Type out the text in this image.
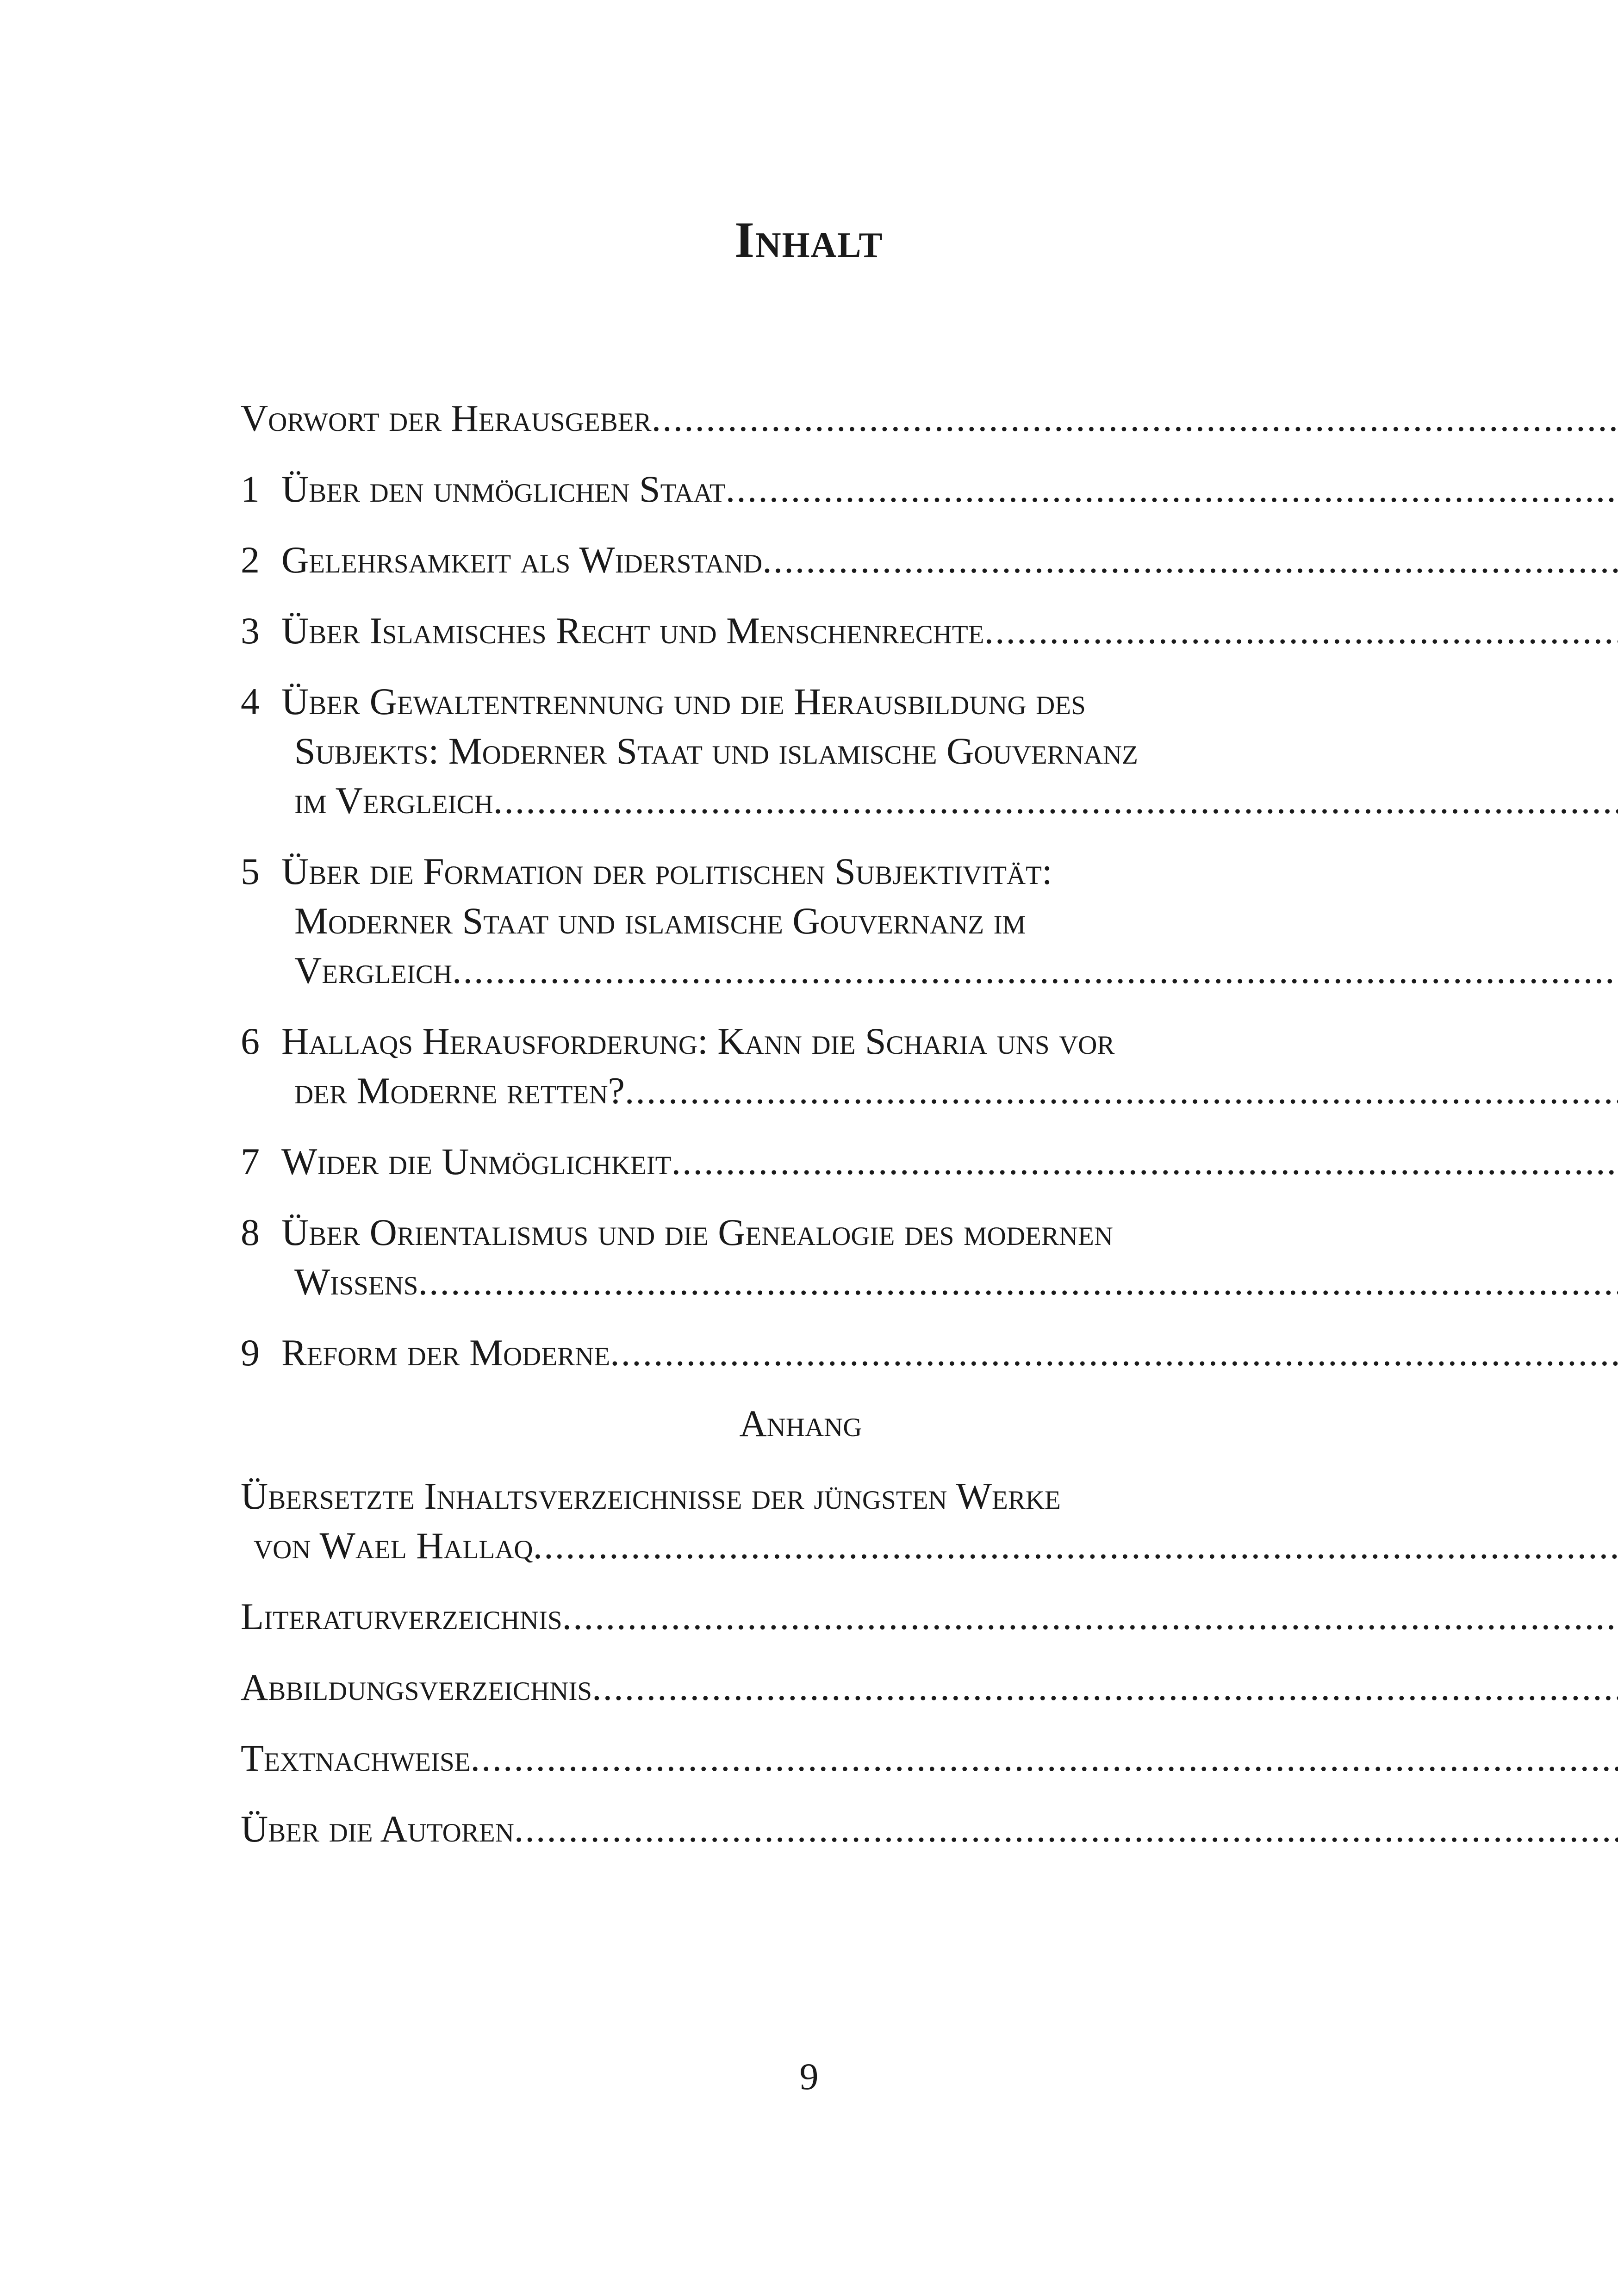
Inhalt
Vorwort der Herausgeber
.....
1 Über den unmöglichen Staat
.....
2 Gelehrsamkeit als Widerstand
.....
3 Über Islamisches Recht und Menschenrechte
.....
4 Über Gewaltentrennung und die Herausbildung des
Subjekts: Moderner Staat und islamische Gouvernanz
im Vergleich
.....
5 Über die Formation der politischen Subjektivität:
Moderner Staat und islamische Gouvernanz im
Vergleich
.....
6 Hallaqs Herausforderung: Kann die Scharia uns vor
der Moderne retten?
.....
7 Wider die Unmöglichkeit
.....
8 Über Orientalismus und die Genealogie des modernen
Wissens
.....
9 Reform der Moderne
.....
Anhang
Übersetzte Inhaltsverzeichnisse der jüngsten Werke
von Wael Hallaq
.....
Literaturverzeichnis
.....
Abbildungsverzeichnis
.....
Textnachweise
.....
Über die Autoren
.....
9
